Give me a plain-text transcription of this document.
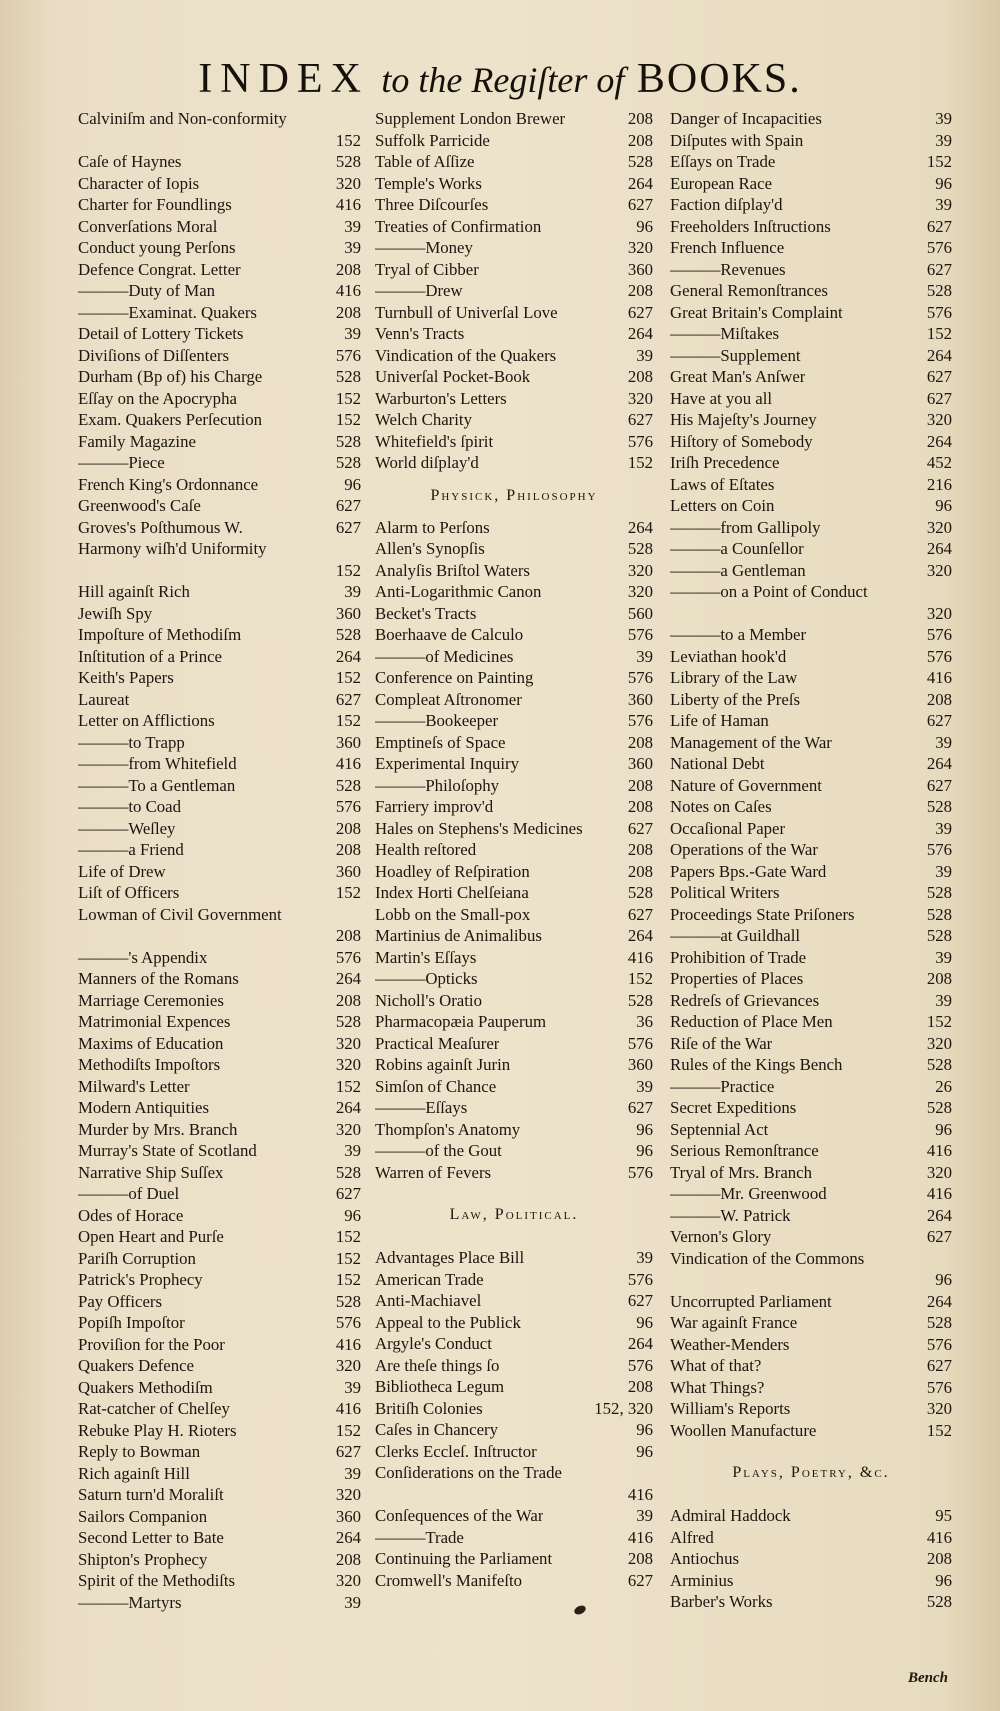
INDEX to the Regiſter of BOOKS.
Calviniſm and Non-conformity
152
Caſe of Haynes	528
Character of Iopis	320
Charter for Foundlings	416
Converſations Moral	39
Conduct young Perſons	39
Defence Congrat. Letter	208
———Duty of Man	416
———Examinat. Quakers	208
Detail of Lottery Tickets	39
Diviſions of Diſſenters	576
Durham (Bp of) his Charge	528
Eſſay on the Apocrypha	152
Exam. Quakers Perſecution	152
Family Magazine	528
———Piece	528
French King's Ordonnance	96
Greenwood's Caſe	627
Groves's Poſthumous W.	627
Harmony wiſh'd Uniformity
152
Hill againſt Rich	39
Jewiſh Spy	360
Impoſture of Methodiſm	528
Inſtitution of a Prince	264
Keith's Papers	152
Laureat	627
Letter on Afflictions	152
———to Trapp	360
———from Whitefield	416
———To a Gentleman	528
———to Coad	576
———Weſley	208
———a Friend	208
Life of Drew	360
Liſt of Officers	152
Lowman of Civil Government
208
———'s Appendix	576
Manners of the Romans	264
Marriage Ceremonies	208
Matrimonial Expences	528
Maxims of Education	320
Methodiſts Impoſtors	320
Milward's Letter	152
Modern Antiquities	264
Murder by Mrs. Branch	320
Murray's State of Scotland	39
Narrative Ship Suſſex	528
———of Duel	627
Odes of Horace	96
Open Heart and Purſe	152
Pariſh Corruption	152
Patrick's Prophecy	152
Pay Officers	528
Popiſh Impoſtor	576
Proviſion for the Poor	416
Quakers Defence	320
Quakers Methodiſm	39
Rat-catcher of Chelſey	416
Rebuke Play H. Rioters	152
Reply to Bowman	627
Rich againſt Hill	39
Saturn turn'd Moraliſt	320
Sailors Companion	360
Second Letter to Bate	264
Shipton's Prophecy	208
Spirit of the Methodiſts	320
———Martyrs	39
Supplement London Brewer	208
Suffolk Parricide	208
Table of Aſſize	528
Temple's Works	264
Three Diſcourſes	627
Treaties of Confirmation	96
———Money	320
Tryal of Cibber	360
———Drew	208
Turnbull of Univerſal Love	627
Venn's Tracts	264
Vindication of the Quakers	39
Univerſal Pocket-Book	208
Warburton's Letters	320
Welch Charity	627
Whitefield's ſpirit	576
World diſplay'd	152
Physick, Philosophy
Alarm to Perſons	264
Allen's Synopſis	528
Analyſis Briſtol Waters	320
Anti-Logarithmic Canon	320
Becket's Tracts	560
Boerhaave de Calculo	576
———of Medicines	39
Conference on Painting	576
Compleat Aſtronomer	360
———Bookeeper	576
Emptineſs of Space	208
Experimental Inquiry	360
———Philoſophy	208
Farriery improv'd	208
Hales on Stephens's Medicines	627
Health reſtored	208
Hoadley of Reſpiration	208
Index Horti Chelſeiana	528
Lobb on the Small-pox	627
Martinius de Animalibus	264
Martin's Eſſays	416
———Opticks	152
Nicholl's Oratio	528
Pharmacopæia Pauperum	36
Practical Meaſurer	576
Robins againſt Jurin	360
Simſon of Chance	39
———Eſſays	627
Thompſon's Anatomy	96
———of the Gout	96
Warren of Fevers	576
Law, Political.
Advantages Place Bill	39
American Trade	576
Anti-Machiavel	627
Appeal to the Publick	96
Argyle's Conduct	264
Are theſe things ſo	576
Bibliotheca Legum	208
Britiſh Colonies	152, 320
Caſes in Chancery	96
Clerks Eccleſ. Inſtructor	96
Conſiderations on the Trade
416
Conſequences of the War	39
———Trade	416
Continuing the Parliament	208
Cromwell's Manifeſto	627
Danger of Incapacities	39
Diſputes with Spain	39
Eſſays on Trade	152
European Race	96
Faction diſplay'd	39
Freeholders Inſtructions	627
French Influence	576
———Revenues	627
General Remonſtrances	528
Great Britain's Complaint	576
———Miſtakes	152
———Supplement	264
Great Man's Anſwer	627
Have at you all	627
His Majeſty's Journey	320
Hiſtory of Somebody	264
Iriſh Precedence	452
Laws of Eſtates	216
Letters on Coin	96
———from Gallipoly	320
———a Counſellor	264
———a Gentleman	320
———on a Point of Conduct
320
———to a Member	576
Leviathan hook'd	576
Library of the Law	416
Liberty of the Preſs	208
Life of Haman	627
Management of the War	39
National Debt	264
Nature of Government	627
Notes on Caſes	528
Occaſional Paper	39
Operations of the War	576
Papers Bps.-Gate Ward	39
Political Writers	528
Proceedings State Priſoners	528
———at Guildhall	528
Prohibition of Trade	39
Properties of Places	208
Redreſs of Grievances	39
Reduction of Place Men	152
Riſe of the War	320
Rules of the Kings Bench	528
———Practice	26
Secret Expeditions	528
Septennial Act	96
Serious Remonſtrance	416
Tryal of Mrs. Branch	320
———Mr. Greenwood	416
———W. Patrick	264
Vernon's Glory	627
Vindication of the Commons
96
Uncorrupted Parliament	264
War againſt France	528
Weather-Menders	576
What of that?	627
What Things?	576
William's Reports	320
Woollen Manufacture	152
Plays, Poetry, &c.
Admiral Haddock	95
Alfred	416
Antiochus	208
Arminius	96
Barber's Works	528
Bench
